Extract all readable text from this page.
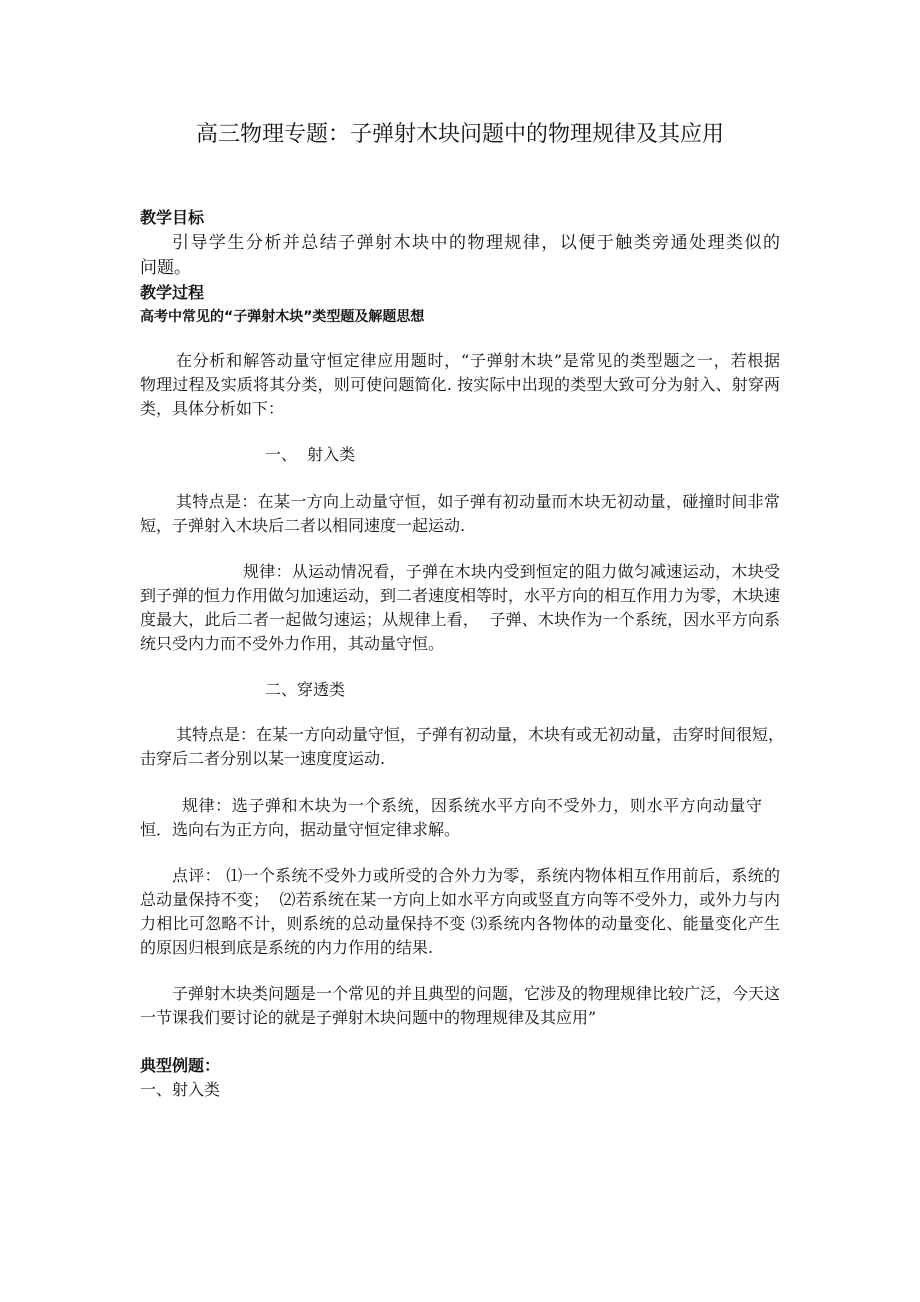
高三物理专题：子弹射木块问题中的物理规律及其应用
教学目标
引导学生分析并总结子弹射木块中的物理规律，以便于触类旁通处理类似的
问题。
教学过程
高考中常见的“子弹射木块”类型题及解题思想
在分析和解答动量守恒定律应用题时，“子弹射木块”是常见的类型题之一，若根据
物理过程及实质将其分类，则可使问题简化. 按实际中出现的类型大致可分为射入、射穿两
类，具体分析如下：
一、  射入类
其特点是：在某一方向上动量守恒，如子弹有初动量而木块无初动量，碰撞时间非常
短，子弹射入木块后二者以相同速度一起运动.
规律：从运动情况看，子弹在木块内受到恒定的阻力做匀减速运动，木块受
到子弹的恒力作用做匀加速运动，到二者速度相等时，水平方向的相互作用力为零，木块速
度最大，此后二者一起做匀速运；从规律上看，  子弹、木块作为一个系统，因水平方向系
统只受内力而不受外力作用，其动量守恒。
二、穿透类
其特点是：在某一方向动量守恒，子弹有初动量，木块有或无初动量，击穿时间很短，
击穿后二者分别以某一速度度运动.
规律：选子弹和木块为一个系统，因系统水平方向不受外力，则水平方向动量守
恒．选向右为正方向，据动量守恒定律求解。
点评： ⑴一个系统不受外力或所受的合外力为零，系统内物体相互作用前后，系统的
总动量保持不变；  ⑵若系统在某一方向上如水平方向或竖直方向等不受外力，或外力与内
力相比可忽略不计，则系统的总动量保持不变 ⑶系统内各物体的动量变化、能量变化产生
的原因归根到底是系统的内力作用的结果.
子弹射木块类问题是一个常见的并且典型的问题，它涉及的物理规律比较广泛，今天这
一节课我们要讨论的就是子弹射木块问题中的物理规律及其应用”
典型例题：
一、射入类
